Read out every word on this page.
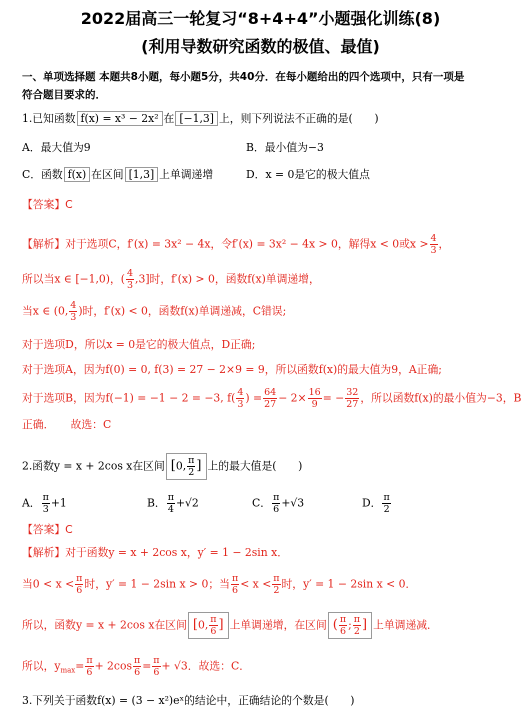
2022届高三一轮复习“8+4+4”小题强化训练(8)
(利用导数研究函数的极值、最值)
一、单项选择题 本题共8小题，每小题5分，共40分．在每小题给出的四个选项中，只有一项是
符合题目要求的．
1.已知函数 f(x) = x³ − 2x² 在 [−1,3] 上，则下列说法不正确的是(　　)
A．最大值为9	B．最小值为−3
C．函数 f(x) 在区间 [1,3] 上单调递增	D．x = 0是它的极大值点
【答案】C
【解析】对于选项C，f′(x) = 3x² − 4x，令f′(x) = 3x² − 4x > 0，解得x < 0或$x > \frac{4}{3}$ ，
所以当x ∈ [−1,0)，( $\frac{4}{3} ,3$]时，f′(x) > 0，函数f(x)单调递增，
当x ∈ (0, $\frac{4}{3}$ )时，f′(x) < 0，函数f(x)单调递减，C错误;
对于选项D，所以x = 0是它的极大值点，D正确;
对于选项A，因为f(0) = 0, f(3) = 27 − 2×9 = 9，所以函数f(x)的最大值为9，A正确;
对于选项B，因为f(−1) = −1 − 2 = −3, $f( \frac{4}{3}$ ) = $\frac{64}{27} - 2\times \frac{16}{9}$ = − $\frac{32}{27}$ ，所以函数f(x)的最小值为−3，B
正确．　　故选：C
2.函数y = x + 2cos x在区间 [0, $\frac{\pi}{2}$ ] 上的最大值是(　　)
A． $\frac{\pi}{3} +1$	B． $\frac{\pi}{4} +√2$	C． $\frac{\pi}{6} +√3$	D． $\frac{\pi}{2}$
【答案】C
【解析】对于函数y = x + 2cos x，y′ = 1 − 2sin x．
当$0 < x < \frac{\pi}{6}$ 时，y′ = 1 − 2sin x > 0；当 $\frac{\pi}{6} < x < \frac{\pi}{2}$ 时，y′ = 1 − 2sin x < 0．
所以，函数y = x + 2cos x在区间 [0, $\frac{\pi}{6}$ ] 上单调递增，在区间 ( $\frac{\pi}{6}$ ; $\frac{\pi}{2}$ ] 上单调递减．
所以，$y_{max}= \frac{\pi}{6} + 2\cos \frac{\pi}{6} = \frac{\pi}{6} + √3$．故选：C．
3.下列关于函数f(x) = (3 − x²)eˣ的结论中，正确结论的个数是(　　)
